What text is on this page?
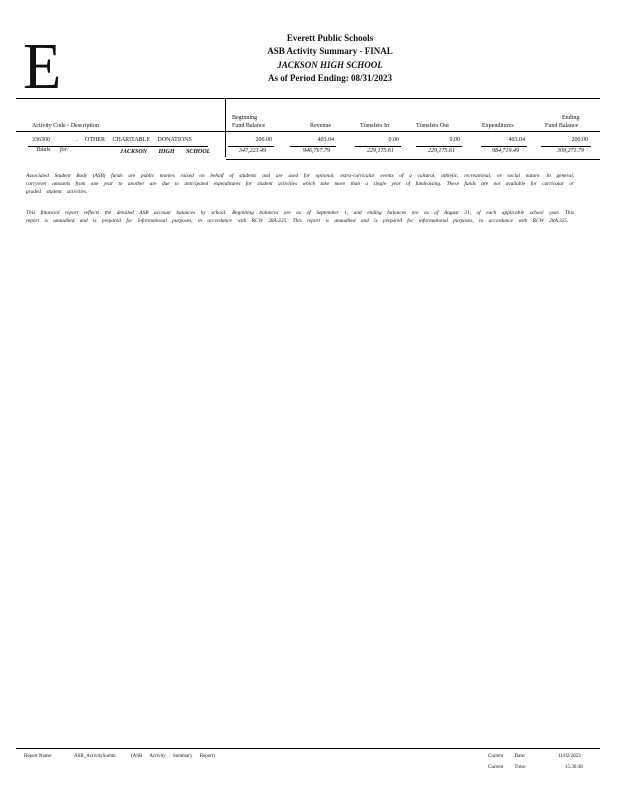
E	Everett Public Schools
ASB Activity Summary - FINAL
JACKSON HIGH SCHOOL
As of Period Ending: 08/31/2023
Activity Code - Description
Beginning
Fund Balance	Revenue	Transfers In	Transfers Out	Expenditures
Ending
Fund Balance
336300	. OTHER CHARITABLE DONATIONS	200.00	403.04	0.00	0.00	403.04	200.00
Totals for:	JACKSON HIGH SCHOOL	347,223.49	946,767.79	229,175.61	229,175.61	984,719.49	309,271.79
Associated Student Body (ASB) funds are public monies raised on behalf of students and are used for optional, extra-curricular events of a cultural, athletic, recreational, or social nature. In general, carryover amounts from one year to another are due to anticipated expenditures for student activities which take more than a single year of fundraising. These funds are not available for curricular or graded student activities.
This financial report reflects the detailed ASB account balances by school. Beginning balances are as of September 1, and ending balances are as of August 31, of each applicable school year. This report is unaudited and is prepared for informational purposes, in accordance with RCW 28A.325. This report is unaudited and is prepared for informational purposes, in accordance with RCW 28A.325.
Report Name:	ASB_ActivitySumm	(ASB Activity Summary Report)	Current Date:	11/02/2023
Current Time:	15:30:38
